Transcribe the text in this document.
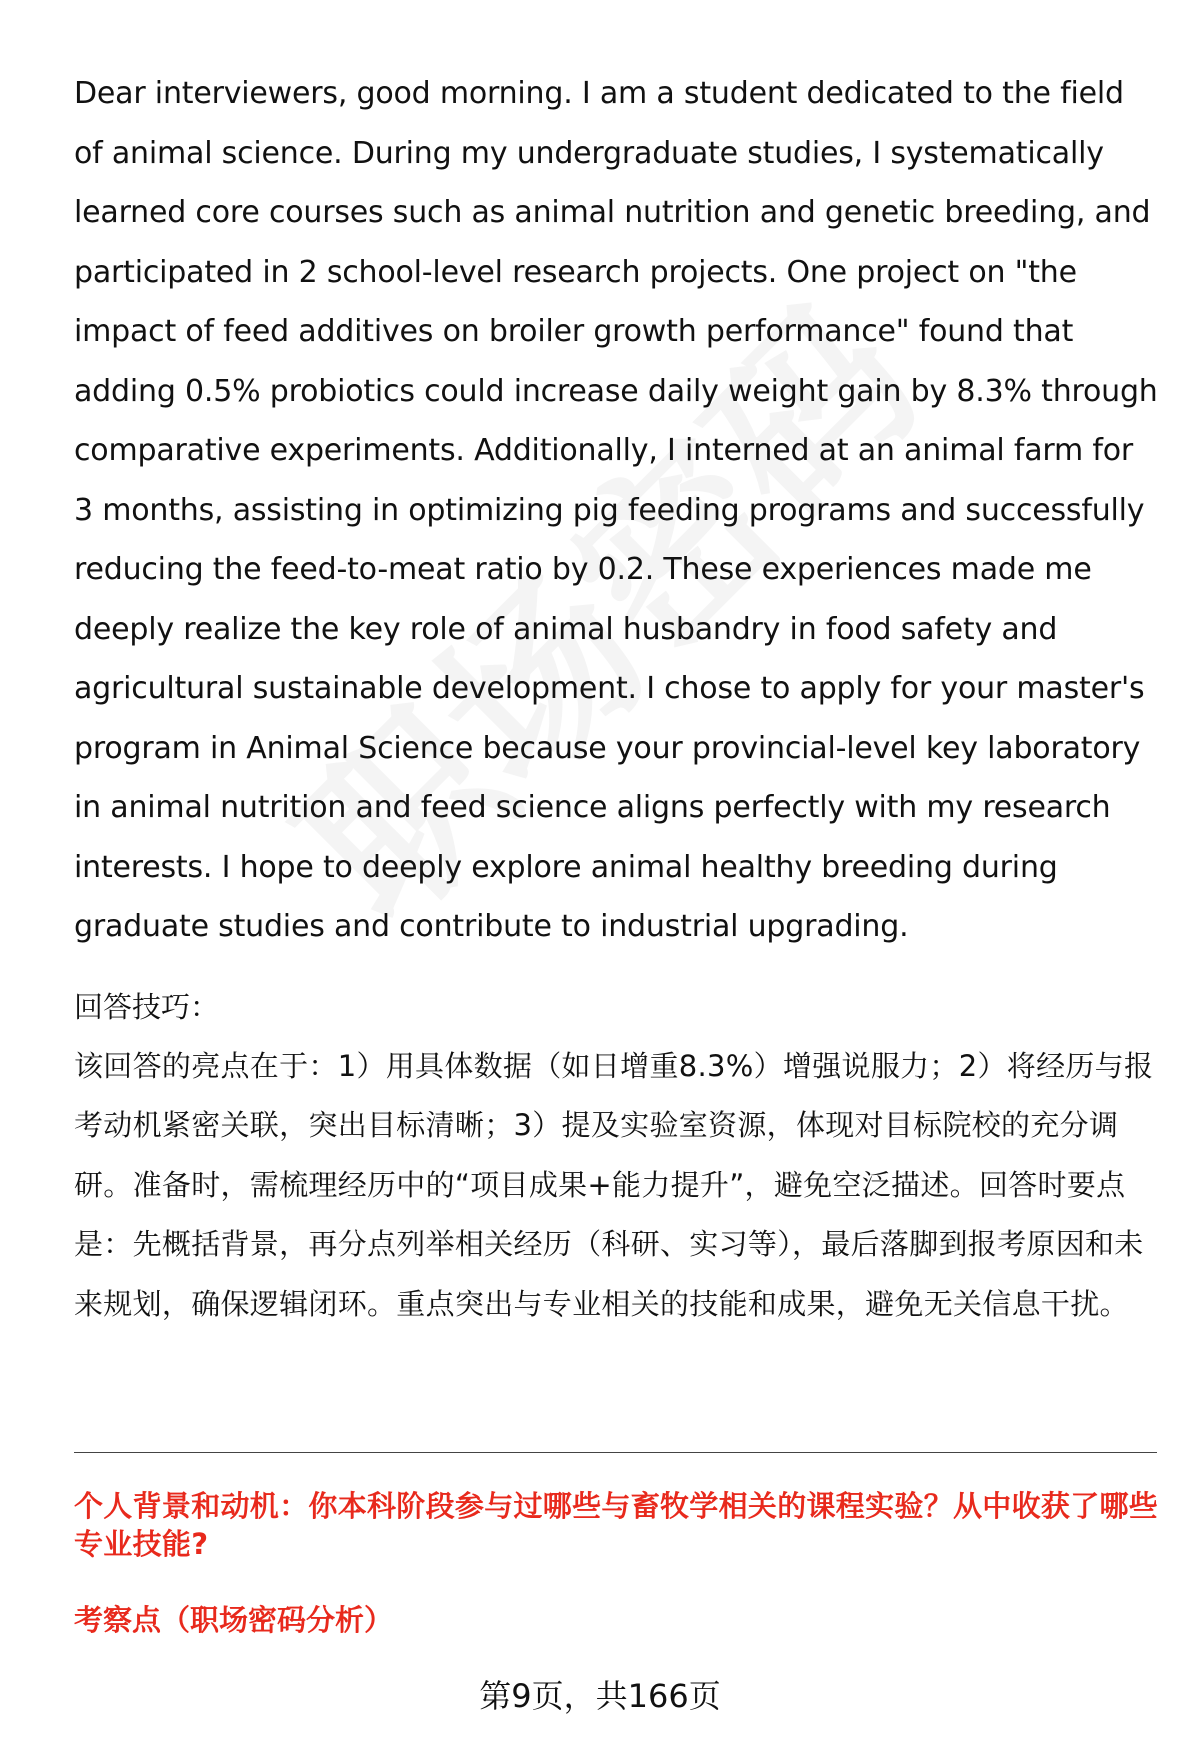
Dear interviewers, good morning. I am a student dedicated to the field of animal science. During my undergraduate studies, I systematically learned core courses such as animal nutrition and genetic breeding, and participated in 2 school-level research projects. One project on "the impact of feed additives on broiler growth performance" found that adding 0.5% probiotics could increase daily weight gain by 8.3% through comparative experiments. Additionally, I interned at an animal farm for 3 months, assisting in optimizing pig feeding programs and successfully reducing the feed-to-meat ratio by 0.2. These experiences made me deeply realize the key role of animal husbandry in food safety and agricultural sustainable development. I chose to apply for your master's program in Animal Science because your provincial-level key laboratory in animal nutrition and feed science aligns perfectly with my research interests. I hope to deeply explore animal healthy breeding during graduate studies and contribute to industrial upgrading.

回答技巧：

该回答的亮点在于：1）用具体数据（如日增重8.3%）增强说服力；2）将经历与报考动机紧密关联，突出目标清晰；3）提及实验室资源，体现对目标院校的充分调研。准备时，需梳理经历中的“项目成果+能力提升”，避免空泛描述。回答时要点是：先概括背景，再分点列举相关经历（科研、实习等），最后落脚到报考原因和未来规划，确保逻辑闭环。重点突出与专业相关的技能和成果，避免无关信息干扰。

个人背景和动机：你本科阶段参与过哪些与畜牧学相关的课程实验？从中收获了哪些专业技能?
考察点（职场密码分析）
第9页，共166页
